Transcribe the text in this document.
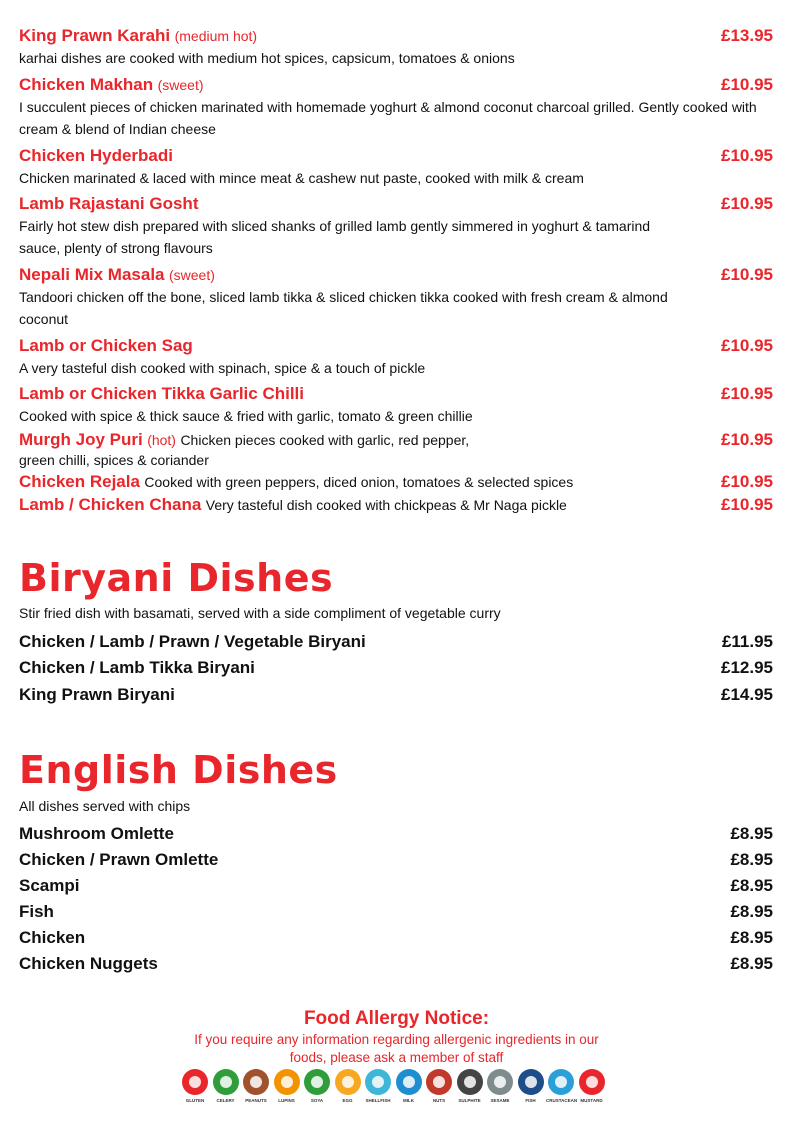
King Prawn Karahi (medium hot)	£13.95
karhai dishes are cooked with medium hot spices, capsicum, tomatoes & onions
Chicken Makhan (sweet)	£10.95
I succulent pieces of chicken marinated with homemade yoghurt & almond coconut charcoal grilled. Gently cooked with cream & blend of Indian cheese
Chicken Hyderbadi	£10.95
Chicken marinated & laced with mince meat & cashew nut paste, cooked with milk & cream
Lamb Rajastani Gosht	£10.95
Fairly hot stew dish prepared with sliced shanks of grilled lamb gently simmered in yoghurt & tamarind sauce, plenty of strong flavours
Nepali Mix Masala (sweet)	£10.95
Tandoori chicken off the bone, sliced lamb tikka & sliced chicken tikka cooked with fresh cream & almond coconut
Lamb or Chicken Sag	£10.95
A very tasteful dish cooked with spinach, spice & a touch of pickle
Lamb or Chicken Tikka Garlic Chilli	£10.95
Cooked with spice & thick sauce & fried with garlic, tomato & green chillie
Murgh Joy Puri (hot) Chicken pieces cooked with garlic, red pepper,	£10.95
green chilli, spices & coriander
Chicken Rejala Cooked with green peppers, diced onion, tomatoes & selected spices	£10.95
Lamb / Chicken Chana Very tasteful dish cooked with chickpeas & Mr Naga pickle	£10.95
Biryani Dishes
Stir fried dish with basamati, served with a side compliment of vegetable curry
Chicken / Lamb / Prawn / Vegetable Biryani	£11.95
Chicken / Lamb Tikka Biryani	£12.95
King Prawn Biryani	£14.95
English Dishes
All dishes served with chips
Mushroom Omlette	£8.95
Chicken / Prawn Omlette	£8.95
Scampi	£8.95
Fish	£8.95
Chicken	£8.95
Chicken Nuggets	£8.95
Food Allergy Notice:
If you require any information regarding allergenic ingredients in our
foods, please ask a member of staff
GLUTEN	CELERY	PEANUTS	LUPINS	SOYA	EGG	SHELLFISH	MILK	NUTS	SULPHITE	SESAME	FISH	CRUSTACEAN MUSTARD
